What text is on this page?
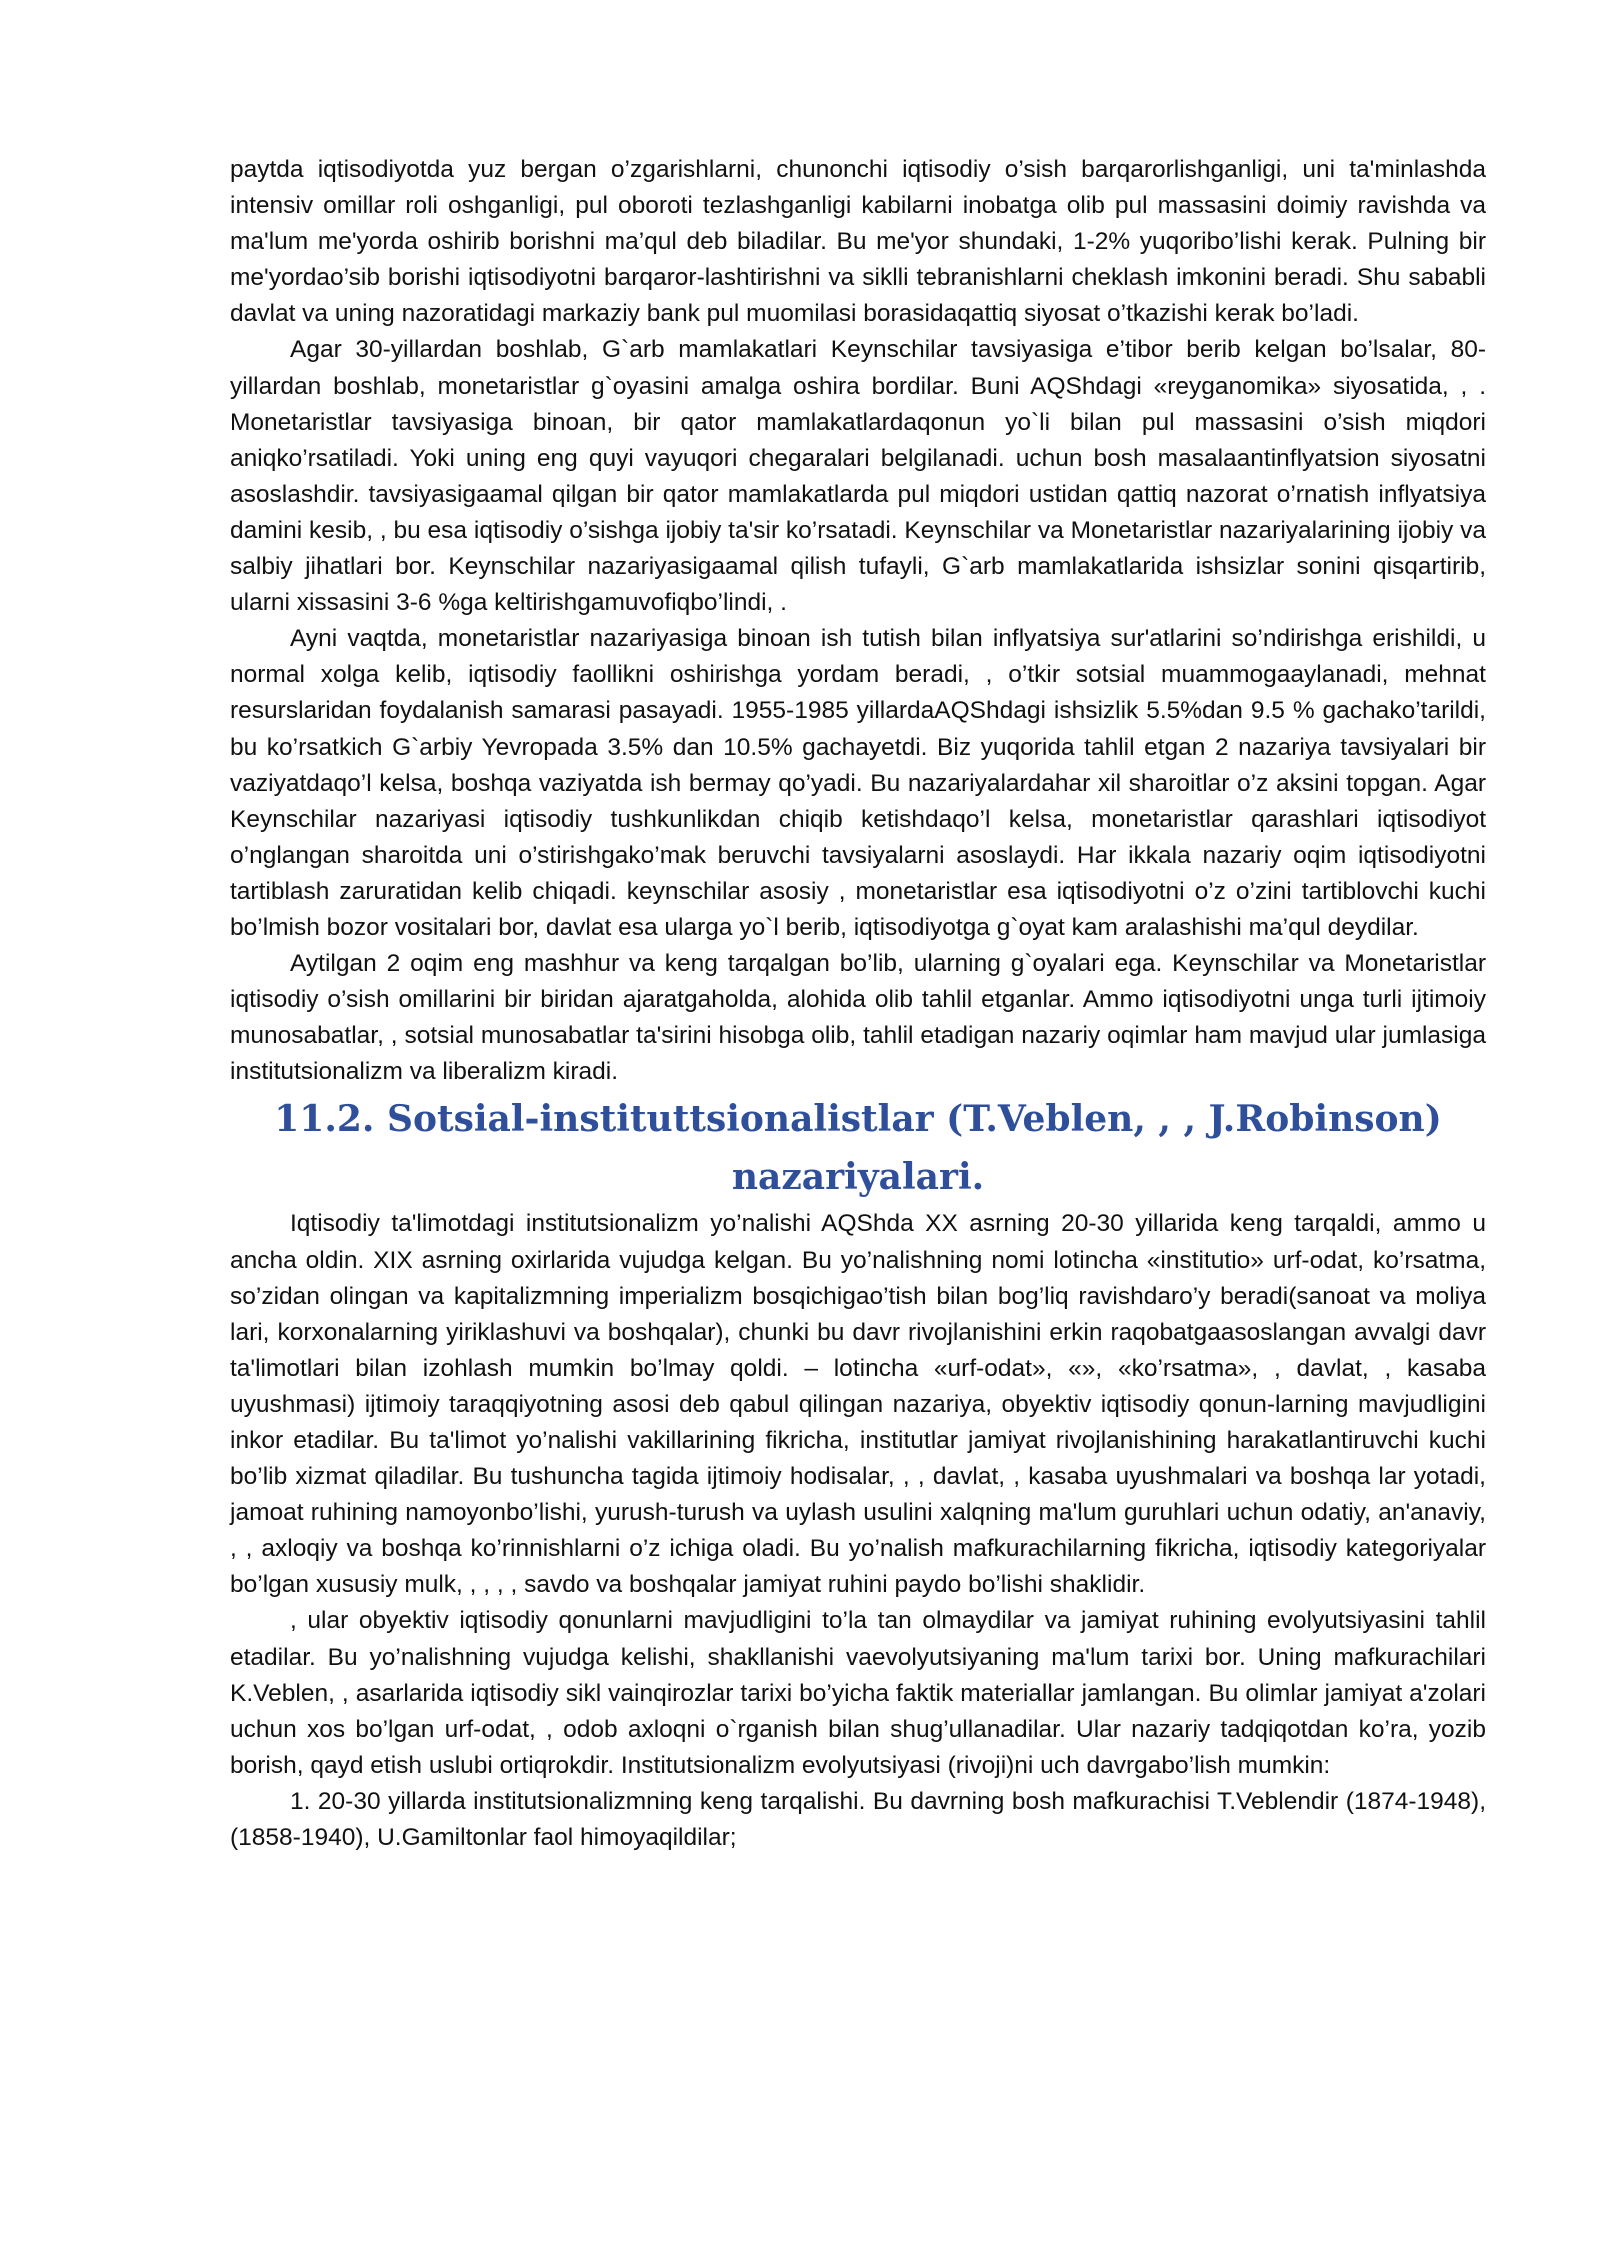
paytda iqtisodiyotda yuz bergan o’zgarishlarni, chunonchi iqtisodiy o’sish barqarorlishganligi, uni ta'minlashda intensiv omillar roli oshganligi, pul oboroti tezlashganligi kabilarni inobatga olib pul massasini doimiy ravishda va ma'lum me'yorda oshirib borishni ma’qul deb biladilar. Bu me'yor shundaki, 1-2% yuqoribo’lishi kerak. Pulning bir me'yordao’sib borishi iqtisodiyotni barqaror-lashtirishni va siklli tebranishlarni cheklash imkonini beradi. Shu sababli davlat va uning nazoratidagi markaziy bank pul muomilasi borasidaqattiq siyosat o’tkazishi kerak bo’ladi.

Agar 30-yillardan boshlab, G`arb mamlakatlari Keynschilar tavsiyasiga e’tibor berib kelgan bo’lsalar, 80-yillardan boshlab, monetaristlar g`oyasini amalga oshira bordilar. Buni AQShdagi «reyganomika» siyosatida, , . Monetaristlar tavsiyasiga binoan, bir qator mamlakatlardaqonun yo`li bilan pul massasini o’sish miqdori aniqko’rsatiladi. Yoki uning eng quyi vayuqori chegaralari belgilanadi. uchun bosh masalaantinflyatsion siyosatni asoslashdir. tavsiyasigaamal qilgan bir qator mamlakatlarda pul miqdori ustidan qattiq nazorat o’rnatish inflyatsiya damini kesib, , bu esa iqtisodiy o’sishga ijobiy ta'sir ko’rsatadi. Keynschilar va Monetaristlar nazariyalarining ijobiy va salbiy jihatlari bor. Keynschilar nazariyasigaamal qilish tufayli, G`arb mamlakatlarida ishsizlar sonini qisqartirib, ularni xissasini 3-6 %ga keltirishgamuvofiqbo’lindi, .

Ayni vaqtda, monetaristlar nazariyasiga binoan ish tutish bilan inflyatsiya sur'atlarini so’ndirishga erishildi, u normal xolga kelib, iqtisodiy faollikni oshirishga yordam beradi, , o’tkir sotsial muammogaaylanadi, mehnat resurslaridan foydalanish samarasi pasayadi. 1955-1985 yillardaAQShdagi ishsizlik 5.5%dan 9.5 % gachako’tarildi, bu ko’rsatkich G`arbiy Yevropada 3.5% dan 10.5% gachayetdi. Biz yuqorida tahlil etgan 2 nazariya tavsiyalari bir vaziyatdaqo’l kelsa, boshqa vaziyatda ish bermay qo’yadi. Bu nazariyalardahar xil sharoitlar o’z aksini topgan. Agar Keynschilar nazariyasi iqtisodiy tushkunlikdan chiqib ketishdaqo’l kelsa, monetaristlar qarashlari iqtisodiyot o’nglangan sharoitda uni o’stirishgako’mak beruvchi tavsiyalarni asoslaydi. Har ikkala nazariy oqim iqtisodiyotni tartiblash zaruratidan kelib chiqadi. keynschilar asosiy , monetaristlar esa iqtisodiyotni o’z o’zini tartiblovchi kuchi bo’lmish bozor vositalari bor, davlat esa ularga yo`l berib, iqtisodiyotga g`oyat kam aralashishi ma’qul deydilar.

Aytilgan 2 oqim eng mashhur va keng tarqalgan bo’lib, ularning g`oyalari ega. Keynschilar va Monetaristlar iqtisodiy o’sish omillarini bir biridan ajaratgaholda, alohida olib tahlil etganlar. Ammo iqtisodiyotni unga turli ijtimoiy munosabatlar, , sotsial munosabatlar ta'sirini hisobga olib, tahlil etadigan nazariy oqimlar ham mavjud ular jumlasiga institutsionalizm va liberalizm kiradi.

11.2. Sotsial-instituttsionalistlar (T.Veblen, , , J.Robinson) nazariyalari.

Iqtisodiy ta'limotdagi institutsionalizm yo’nalishi AQShda XX asrning 20-30 yillarida keng tarqaldi, ammo u ancha oldin. XIX asrning oxirlarida vujudga kelgan. Bu yo’nalishning nomi lotincha «institutio» urf-odat, ko’rsatma, so’zidan olingan va kapitalizmning imperializm bosqichigao’tish bilan bog’liq ravishdaro’y beradi(sanoat va moliya lari, korxonalarning yiriklashuvi va boshqalar), chunki bu davr rivojlanishini erkin raqobatgaasoslangan avvalgi davr ta'limotlari bilan izohlash mumkin bo’lmay qoldi. – lotincha «urf-odat», «», «ko’rsatma», , davlat, , kasaba uyushmasi) ijtimoiy taraqqiyotning asosi deb qabul qilingan nazariya, obyektiv iqtisodiy qonun-larning mavjudligini inkor etadilar. Bu ta'limot yo’nalishi vakillarining fikricha, institutlar jamiyat rivojlanishining harakatlantiruvchi kuchi bo’lib xizmat qiladilar. Bu tushuncha tagida ijtimoiy hodisalar, , , davlat, , kasaba uyushmalari va boshqa lar yotadi, jamoat ruhining namoyonbo’lishi, yurush-turush va uylash usulini xalqning ma'lum guruhlari uchun odatiy, an'anaviy, , , axloqiy va boshqa ko’rinnishlarni o’z ichiga oladi. Bu yo’nalish mafkurachilarning fikricha, iqtisodiy kategoriyalar bo’lgan xususiy mulk, , , , , savdo va boshqalar jamiyat ruhini paydo bo’lishi shaklidir.

, ular obyektiv iqtisodiy qonunlarni mavjudligini to’la tan olmaydilar va jamiyat ruhining evolyutsiyasini tahlil etadilar. Bu yo’nalishning vujudga kelishi, shakllanishi vaevolyutsiyaning ma'lum tarixi bor. Uning mafkurachilari K.Veblen, , asarlarida iqtisodiy sikl vainqirozlar tarixi bo’yicha faktik materiallar jamlangan. Bu olimlar jamiyat a'zolari uchun xos bo’lgan urf-odat, , odob axloqni o`rganish bilan shug’ullanadilar. Ular nazariy tadqiqotdan ko’ra, yozib borish, qayd etish uslubi ortiqrokdir. Institutsionalizm evolyutsiyasi (rivoji)ni uch davrgabo’lish mumkin:

1. 20-30 yillarda institutsionalizmning keng tarqalishi. Bu davrning bosh mafkurachisi T.Veblendir (1874-1948), (1858-1940), U.Gamiltonlar faol himoyaqildilar;
